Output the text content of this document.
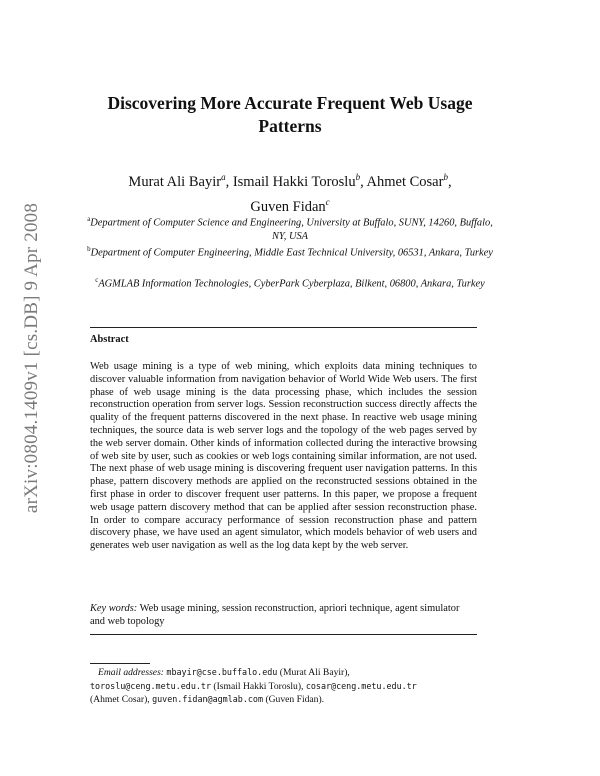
arXiv:0804.1409v1 [cs.DB] 9 Apr 2008
Discovering More Accurate Frequent Web Usage
Patterns
Murat Ali Bayir$^a$, Ismail Hakki Toroslu$^b$, Ahmet Cosar$^b$,
Guven Fidan$^c$
$^a$Department of Computer Science and Engineering, University at Buffalo, SUNY, 14260, Buffalo, NY, USA
$^b$Department of Computer Engineering, Middle East Technical University, 06531, Ankara, Turkey
$^c$AGMLAB Information Technologies, CyberPark Cyberplaza, Bilkent, 06800, Ankara, Turkey
Abstract

Web usage mining is a type of web mining, which exploits data mining techniques to discover valuable information from navigation behavior of World Wide Web users. The first phase of web usage mining is the data processing phase, which includes the session reconstruction operation from server logs. Session reconstruction success directly affects the quality of the frequent patterns discovered in the next phase. In reactive web usage mining techniques, the source data is web server logs and the topology of the web pages served by the web server domain. Other kinds of information collected during the interactive browsing of web site by user, such as cookies or web logs containing similar information, are not used. The next phase of web usage mining is discovering frequent user navigation patterns. In this phase, pattern discovery methods are applied on the reconstructed sessions obtained in the first phase in order to discover frequent user patterns. In this paper, we propose a frequent web usage pattern discovery method that can be applied after session reconstruction phase. In order to compare accuracy performance of session reconstruction phase and pattern discovery phase, we have used an agent simulator, which models behavior of web users and generates web user navigation as well as the log data kept by the web server.

Key words: Web usage mining, session reconstruction, apriori technique, agent simulator and web topology

Email addresses: mbayir@cse.buffalo.edu (Murat Ali Bayir),
toroslu@ceng.metu.edu.tr (Ismail Hakki Toroslu), cosar@ceng.metu.edu.tr
(Ahmet Cosar), guven.fidan@agmlab.com (Guven Fidan).
